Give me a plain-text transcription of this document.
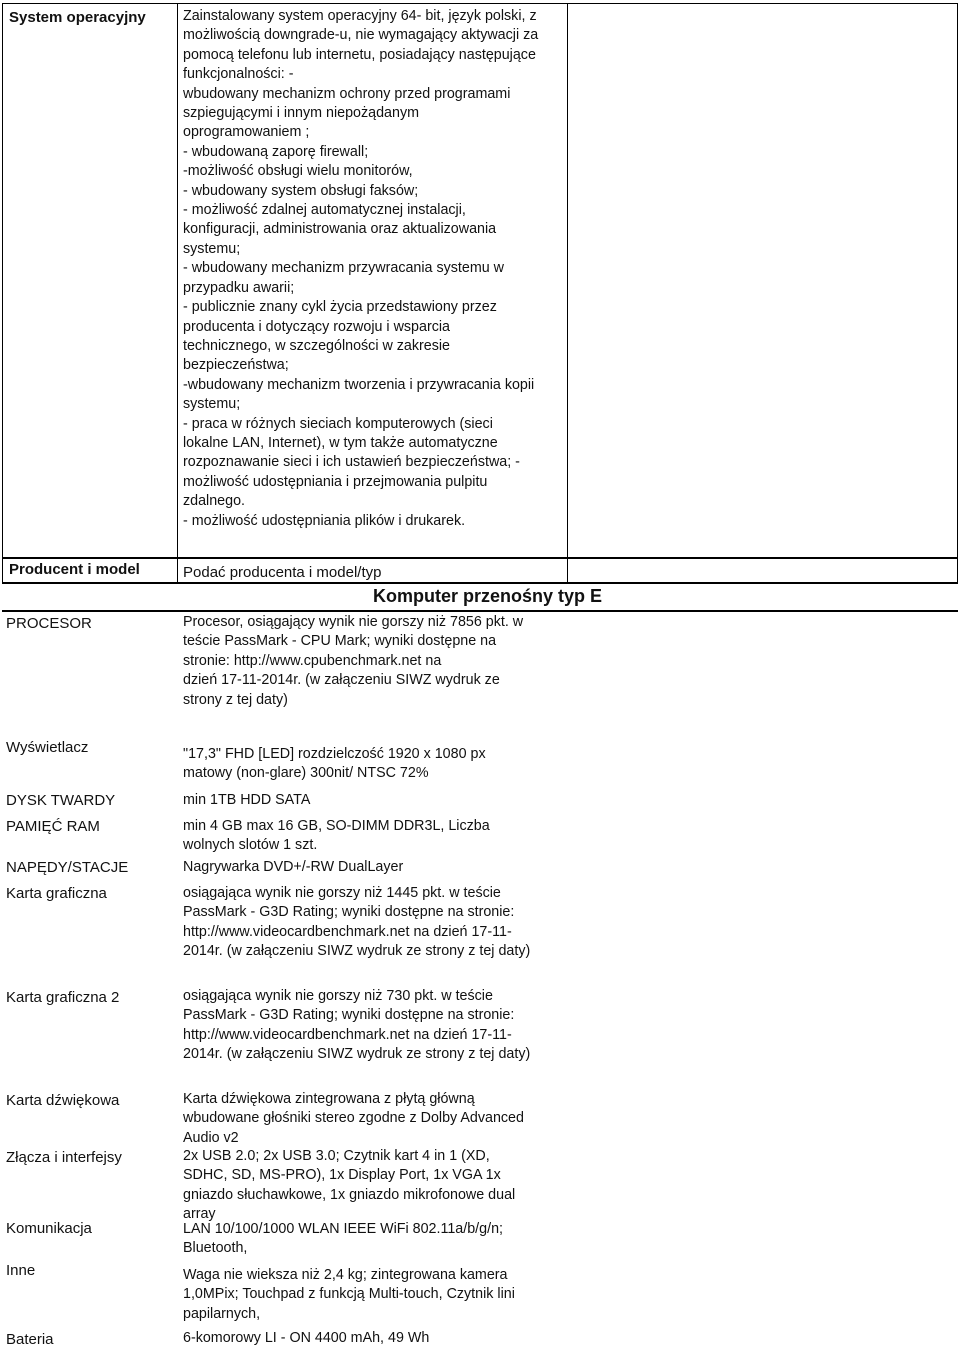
System operacyjny	Zainstalowany system operacyjny 64- bit, język polski, z
możliwością downgrade-u, nie wymagający aktywacji za
pomocą telefonu lub internetu, posiadający następujące
funkcjonalności: -
wbudowany mechanizm ochrony przed programami
szpiegującymi i innym niepożądanym
oprogramowaniem ;
- wbudowaną zaporę firewall;
-możliwość obsługi wielu monitorów,
- wbudowany system obsługi faksów;
- możliwość zdalnej automatycznej instalacji,
konfiguracji, administrowania oraz aktualizowania
systemu;
- wbudowany mechanizm przywracania systemu w
przypadku awarii;
- publicznie znany cykl życia przedstawiony przez
producenta i dotyczący rozwoju i wsparcia
technicznego, w szczególności w zakresie
bezpieczeństwa;
-wbudowany mechanizm tworzenia i przywracania kopii
systemu;
- praca w różnych sieciach komputerowych (sieci
lokalne LAN, Internet), w tym także automatyczne
rozpoznawanie sieci i ich ustawień bezpieczeństwa; -
możliwość udostępniania i przejmowania pulpitu
zdalnego.
- możliwość udostępniania plików i drukarek.
Producent i model	Podać producenta i model/typ
Komputer przenośny typ E
PROCESOR	Procesor, osiągający wynik nie gorszy niż 7856 pkt. w
teście PassMark - CPU Mark; wyniki dostępne na
stronie: http://www.cpubenchmark.net na
dzień 17-11-2014r. (w załączeniu SIWZ wydruk ze
strony z tej daty)
Wyświetlacz	"17,3" FHD [LED] rozdzielczość 1920 x 1080 px
matowy (non-glare) 300nit/ NTSC 72%
DYSK TWARDY	min 1TB HDD SATA
PAMIĘĆ RAM	min 4 GB max 16 GB, SO-DIMM DDR3L, Liczba
wolnych slotów 1 szt.
NAPĘDY/STACJE	Nagrywarka DVD+/-RW DualLayer
Karta graficzna	osiągająca wynik nie gorszy niż 1445 pkt. w teście
PassMark - G3D Rating; wyniki dostępne na stronie:
http://www.videocardbenchmark.net na dzień 17-11-
2014r. (w załączeniu SIWZ wydruk ze strony z tej daty)
Karta graficzna 2	osiągająca wynik nie gorszy niż 730 pkt. w teście
PassMark - G3D Rating; wyniki dostępne na stronie:
http://www.videocardbenchmark.net na dzień 17-11-
2014r. (w załączeniu SIWZ wydruk ze strony z tej daty)
Karta dźwiękowa	Karta dźwiękowa zintegrowana z płytą główną
wbudowane głośniki stereo zgodne z Dolby Advanced
Audio v2
Złącza i interfejsy	2x USB 2.0; 2x USB 3.0; Czytnik kart 4 in 1 (XD,
SDHC, SD, MS-PRO), 1x Display Port, 1x VGA 1x
gniazdo słuchawkowe, 1x gniazdo mikrofonowe dual
array
Komunikacja	LAN 10/100/1000 WLAN IEEE WiFi 802.11a/b/g/n;
Bluetooth,
Inne	Waga nie wieksza niż 2,4 kg; zintegrowana kamera
1,0MPix; Touchpad z funkcją Multi-touch, Czytnik lini
papilarnych,
Bateria	6-komorowy LI - ON 4400 mAh, 49 Wh
